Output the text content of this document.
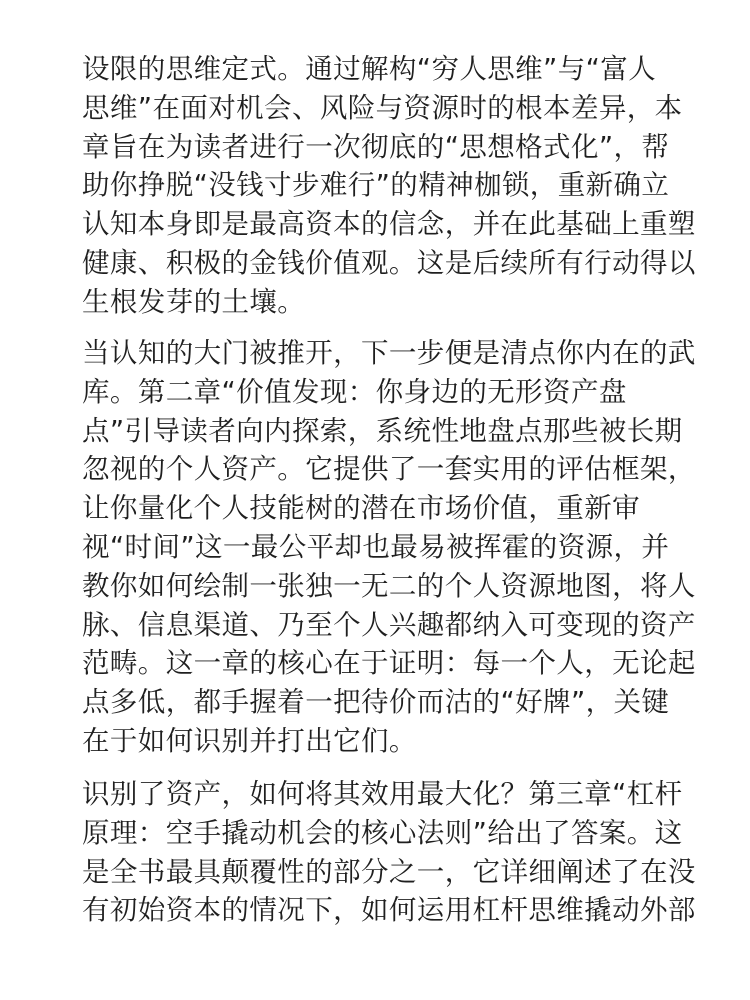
设限的思维定式。通过解构“穷人思维”与“富人
思维”在面对机会、风险与资源时的根本差异，本
章旨在为读者进行一次彻底的“思想格式化”，帮
助你挣脱“没钱寸步难行”的精神枷锁，重新确立
认知本身即是最高资本的信念，并在此基础上重塑
健康、积极的金钱价值观。这是后续所有行动得以
生根发芽的土壤。
当认知的大门被推开，下一步便是清点你内在的武
库。第二章“价值发现：你身边的无形资产盘
点”引导读者向内探索，系统性地盘点那些被长期
忽视的个人资产。它提供了一套实用的评估框架，
让你量化个人技能树的潜在市场价值，重新审
视“时间”这一最公平却也最易被挥霍的资源，并
教你如何绘制一张独一无二的个人资源地图，将人
脉、信息渠道、乃至个人兴趣都纳入可变现的资产
范畴。这一章的核心在于证明：每一个人，无论起
点多低，都手握着一把待价而沽的“好牌”，关键
在于如何识别并打出它们。
识别了资产，如何将其效用最大化？第三章“杠杆
原理：空手撬动机会的核心法则”给出了答案。这
是全书最具颠覆性的部分之一，它详细阐述了在没
有初始资本的情况下，如何运用杠杆思维撬动外部
